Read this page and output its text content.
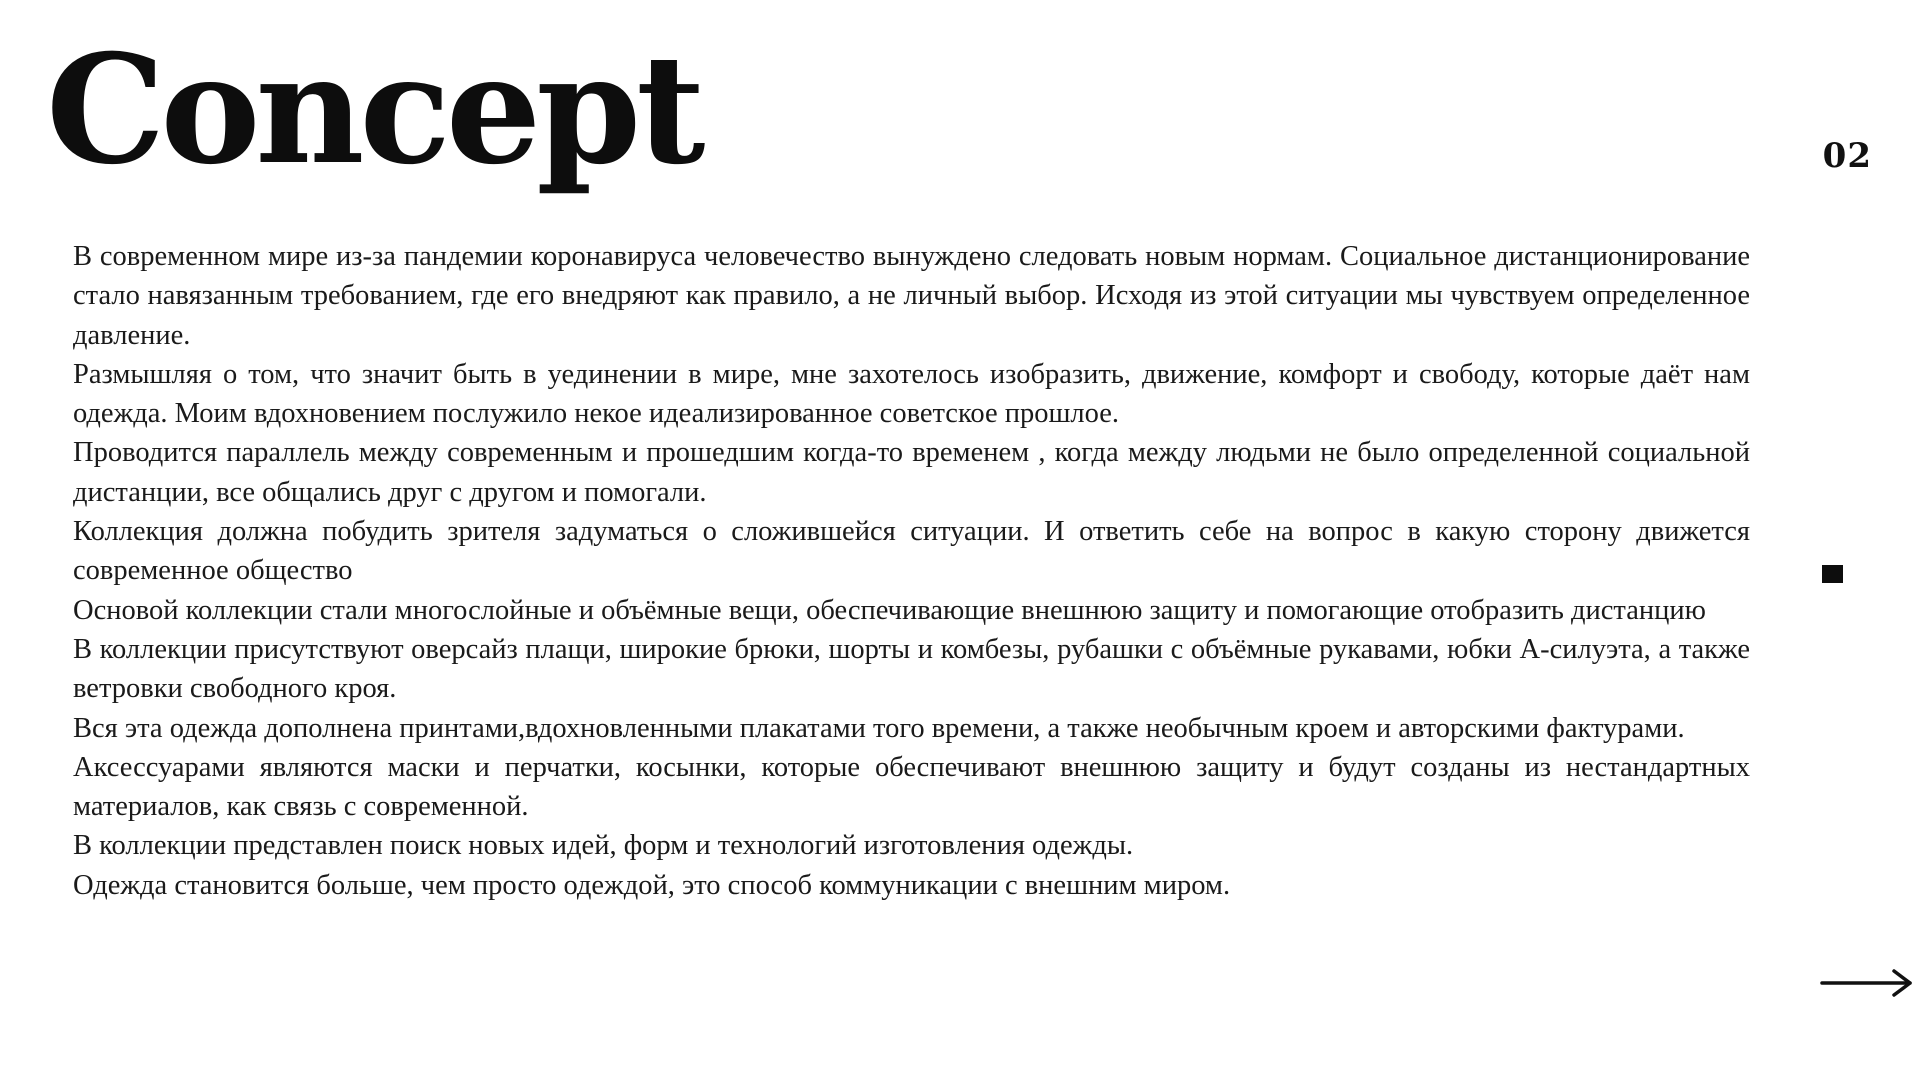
Concept	02

В современном мире из-за пандемии коронавируса человечество вынуждено следовать новым нормам. Социальное дистанционирование стало навязанным требованием, где его внедряют как правило, а не личный выбор. Исходя из этой ситуации мы чувствуем определенное давление.

Размышляя о том, что значит быть в уединении в мире, мне захотелось изобразить, движение, комфорт и свободу, которые даёт нам одежда. Моим вдохновением послужило некое идеализированное советское прошлое.

Проводится параллель между современным и прошедшим когда-то временем , когда между людьми не было определенной социальной дистанции, все общались друг с другом и помогали.

Коллекция должна побудить зрителя задуматься о сложившейся ситуации. И ответить себе на вопрос в какую сторону движется современное общество

Основой коллекции стали многослойные и объёмные вещи, обеспечивающие внешнюю защиту и помогающие отобразить дистанцию

В коллекции присутствуют оверсайз плащи, широкие брюки, шорты и комбезы, рубашки с объёмные рукавами, юбки А-силуэта, а также ветровки свободного кроя.

Вся эта одежда дополнена принтами,вдохновленными плакатами того времени, а также необычным кроем и авторскими фактурами.

Аксессуарами являются маски и перчатки, косынки, которые обеспечивают внешнюю защиту и будут созданы из нестандартных материалов, как связь с современной.

В коллекции представлен поиск новых идей, форм и технологий изготовления одежды.

Одежда становится больше, чем просто одеждой, это способ коммуникации с внешним миром.
